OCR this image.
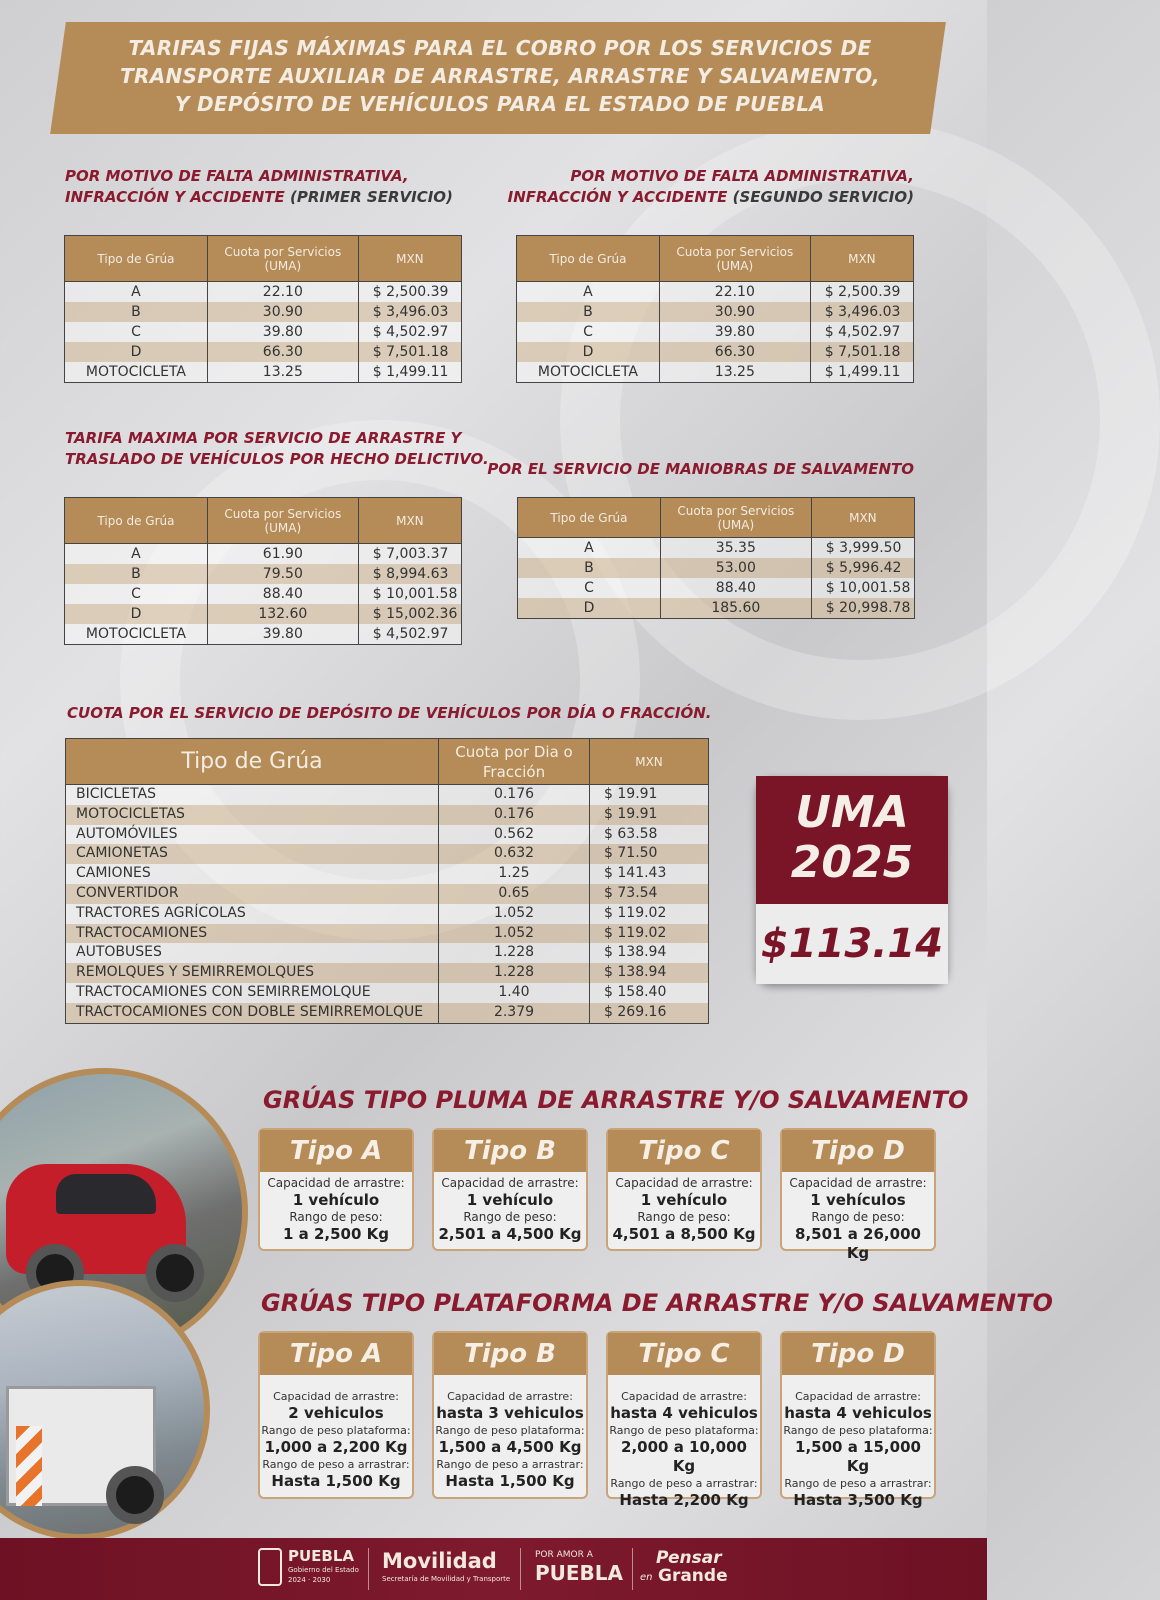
TARIFAS FIJAS MÁXIMAS PARA EL COBRO POR LOS SERVICIOS DE
TRANSPORTE AUXILIAR DE ARRASTRE, ARRASTRE Y SALVAMENTO,
Y DEPÓSITO DE VEHÍCULOS PARA EL ESTADO DE PUEBLA
POR MOTIVO DE FALTA ADMINISTRATIVA,
INFRACCIÓN Y ACCIDENTE (PRIMER SERVICIO)
Tipo de Grúa	Cuota por Servicios (UMA)	MXN
A	22.10	$ 2,500.39
B	30.90	$ 3,496.03
C	39.80	$ 4,502.97
D	66.30	$ 7,501.18
MOTOCICLETA	13.25	$ 1,499.11
POR MOTIVO DE FALTA ADMINISTRATIVA,
INFRACCIÓN Y ACCIDENTE (SEGUNDO SERVICIO)
Tipo de Grúa	Cuota por Servicios (UMA)	MXN
A	22.10	$ 2,500.39
B	30.90	$ 3,496.03
C	39.80	$ 4,502.97
D	66.30	$ 7,501.18
MOTOCICLETA	13.25	$ 1,499.11
TARIFA MAXIMA POR SERVICIO DE ARRASTRE Y
TRASLADO DE VEHÍCULOS POR HECHO DELICTIVO.
Tipo de Grúa	Cuota por Servicios (UMA)	MXN
A	61.90	$ 7,003.37
B	79.50	$ 8,994.63
C	88.40	$ 10,001.58
D	132.60	$ 15,002.36
MOTOCICLETA	39.80	$ 4,502.97
POR EL SERVICIO DE MANIOBRAS DE SALVAMENTO
Tipo de Grúa	Cuota por Servicios (UMA)	MXN
A	35.35	$ 3,999.50
B	53.00	$ 5,996.42
C	88.40	$ 10,001.58
D	185.60	$ 20,998.78
CUOTA POR EL SERVICIO DE DEPÓSITO DE VEHÍCULOS POR DÍA O FRACCIÓN.
Tipo de Grúa	Cuota por Dia o Fracción	MXN
BICICLETAS	0.176	$ 19.91
MOTOCICLETAS	0.176	$ 19.91
AUTOMÓVILES	0.562	$ 63.58
CAMIONETAS	0.632	$ 71.50
CAMIONES	1.25	$ 141.43
CONVERTIDOR	0.65	$ 73.54
TRACTORES AGRÍCOLAS	1.052	$ 119.02
TRACTOCAMIONES	1.052	$ 119.02
AUTOBUSES	1.228	$ 138.94
REMOLQUES Y SEMIRREMOLQUES	1.228	$ 138.94
TRACTOCAMIONES CON SEMIRREMOLQUE	1.40	$ 158.40
TRACTOCAMIONES CON DOBLE SEMIRREMOLQUE	2.379	$ 269.16
UMA
2025
$113.14
GRÚAS TIPO PLUMA DE ARRASTRE Y/O SALVAMENTO
Tipo A
Capacidad de arrastre:
1 vehículo
Rango de peso:
1 a 2,500 Kg
Tipo B
Capacidad de arrastre:
1 vehículo
Rango de peso:
2,501 a 4,500 Kg
Tipo C
Capacidad de arrastre:
1 vehículo
Rango de peso:
4,501 a 8,500 Kg
Tipo D
Capacidad de arrastre:
1 vehículos
Rango de peso:
8,501 a 26,000 Kg
GRÚAS TIPO PLATAFORMA DE ARRASTRE Y/O SALVAMENTO
Tipo A
Capacidad de arrastre:
2 vehiculos
Rango de peso plataforma:
1,000 a 2,200 Kg
Rango de peso a arrastrar:
Hasta 1,500 Kg
Tipo B
Capacidad de arrastre:
hasta 3 vehiculos
Rango de peso plataforma:
1,500 a 4,500 Kg
Rango de peso a arrastrar:
Hasta 1,500 Kg
Tipo C
Capacidad de arrastre:
hasta 4 vehiculos
Rango de peso plataforma:
2,000 a 10,000 Kg
Rango de peso a arrastrar:
Hasta 2,200 Kg
Tipo D
Capacidad de arrastre:
hasta 4 vehiculos
Rango de peso plataforma:
1,500 a 15,000 Kg
Rango de peso a arrastrar:
Hasta 3,500 Kg
PUEBLA
Gobierno del Estado
2024 · 2030
Movilidad
Secretaría de Movilidad y Transporte
POR AMOR A
PUEBLA
Pensar
en Grande
